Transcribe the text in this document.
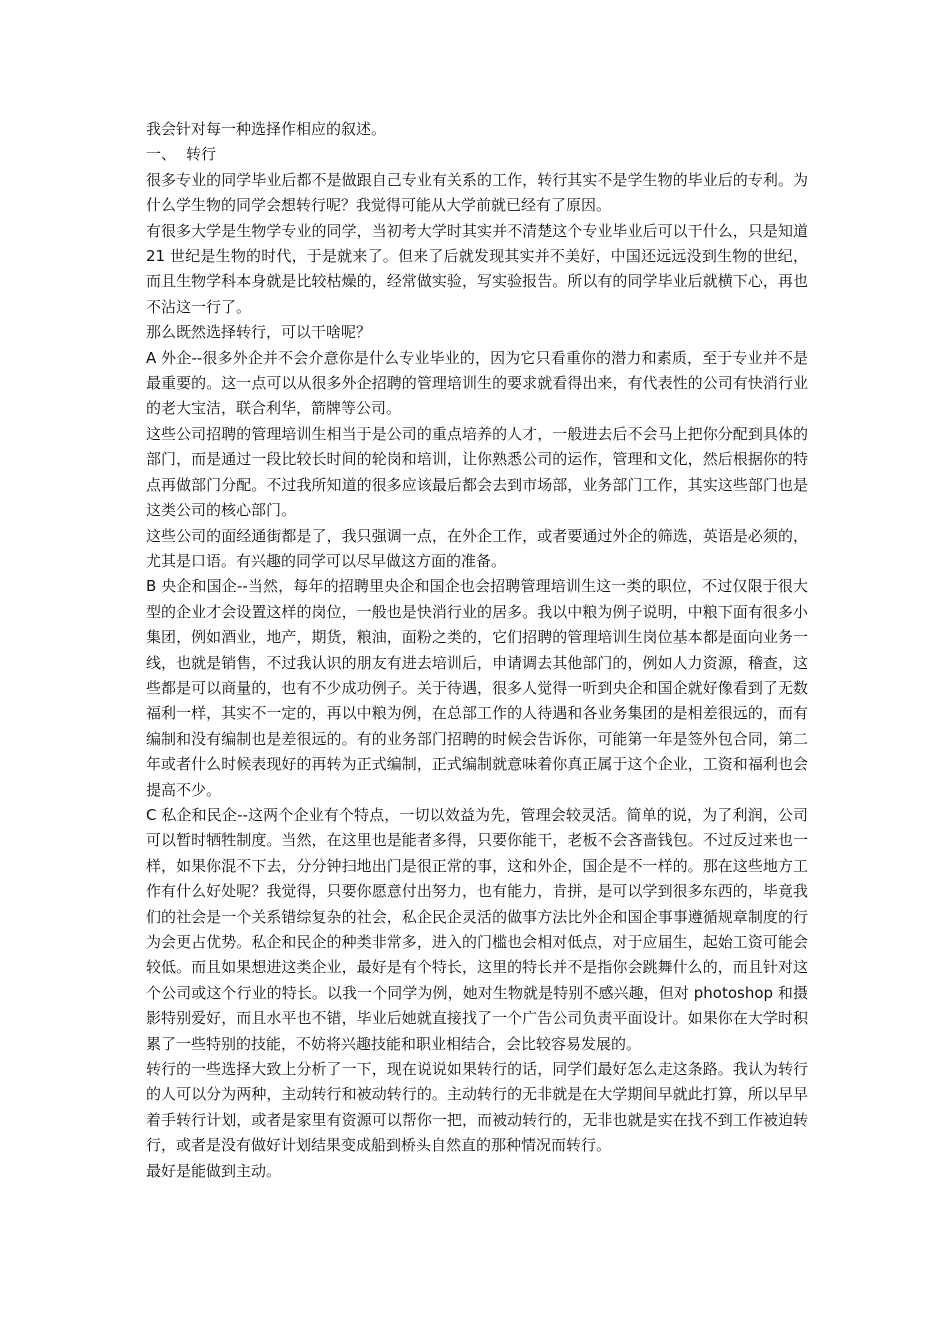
我会针对每一种选择作相应的叙述。

一、 转行

很多专业的同学毕业后都不是做跟自己专业有关系的工作，转行其实不是学生物的毕业后的专利。为什么学生物的同学会想转行呢？我觉得可能从大学前就已经有了原因。

有很多大学是生物学专业的同学，当初考大学时其实并不清楚这个专业毕业后可以干什么，只是知道 21 世纪是生物的时代，于是就来了。但来了后就发现其实并不美好，中国还远远没到生物的世纪，而且生物学科本身就是比较枯燥的，经常做实验，写实验报告。所以有的同学毕业后就横下心，再也不沾这一行了。

那么既然选择转行，可以干啥呢？

A 外企--很多外企并不会介意你是什么专业毕业的，因为它只看重你的潜力和素质，至于专业并不是最重要的。这一点可以从很多外企招聘的管理培训生的要求就看得出来，有代表性的公司有快消行业的老大宝洁，联合利华，箭牌等公司。

这些公司招聘的管理培训生相当于是公司的重点培养的人才，一般进去后不会马上把你分配到具体的部门，而是通过一段比较长时间的轮岗和培训，让你熟悉公司的运作，管理和文化，然后根据你的特点再做部门分配。不过我所知道的很多应该最后都会去到市场部，业务部门工作，其实这些部门也是这类公司的核心部门。

这些公司的面经通街都是了，我只强调一点，在外企工作，或者要通过外企的筛选，英语是必须的，尤其是口语。有兴趣的同学可以尽早做这方面的准备。

B 央企和国企--当然，每年的招聘里央企和国企也会招聘管理培训生这一类的职位，不过仅限于很大型的企业才会设置这样的岗位，一般也是快消行业的居多。我以中粮为例子说明，中粮下面有很多小集团，例如酒业，地产，期货，粮油，面粉之类的，它们招聘的管理培训生岗位基本都是面向业务一线，也就是销售，不过我认识的朋友有进去培训后，申请调去其他部门的，例如人力资源，稽查，这些都是可以商量的，也有不少成功例子。关于待遇，很多人觉得一听到央企和国企就好像看到了无数福利一样，其实不一定的，再以中粮为例，在总部工作的人待遇和各业务集团的是相差很远的，而有编制和没有编制也是差很远的。有的业务部门招聘的时候会告诉你，可能第一年是签外包合同，第二年或者什么时候表现好的再转为正式编制，正式编制就意味着你真正属于这个企业，工资和福利也会提高不少。

C 私企和民企--这两个企业有个特点，一切以效益为先，管理会较灵活。简单的说，为了利润，公司可以暂时牺牲制度。当然，在这里也是能者多得，只要你能干，老板不会吝啬钱包。不过反过来也一样，如果你混不下去，分分钟扫地出门是很正常的事，这和外企，国企是不一样的。那在这些地方工作有什么好处呢？我觉得，只要你愿意付出努力，也有能力，肯拼，是可以学到很多东西的，毕竟我们的社会是一个关系错综复杂的社会，私企民企灵活的做事方法比外企和国企事事遵循规章制度的行为会更占优势。私企和民企的种类非常多，进入的门槛也会相对低点，对于应届生，起始工资可能会较低。而且如果想进这类企业，最好是有个特长，这里的特长并不是指你会跳舞什么的，而且针对这个公司或这个行业的特长。以我一个同学为例，她对生物就是特别不感兴趣，但对 photoshop 和摄影特别爱好，而且水平也不错，毕业后她就直接找了一个广告公司负责平面设计。如果你在大学时积累了一些特别的技能，不妨将兴趣技能和职业相结合，会比较容易发展的。

转行的一些选择大致上分析了一下，现在说说如果转行的话，同学们最好怎么走这条路。我认为转行的人可以分为两种，主动转行和被动转行的。主动转行的无非就是在大学期间早就此打算，所以早早着手转行计划，或者是家里有资源可以帮你一把，而被动转行的，无非也就是实在找不到工作被迫转行，或者是没有做好计划结果变成船到桥头自然直的那种情况而转行。

最好是能做到主动。
